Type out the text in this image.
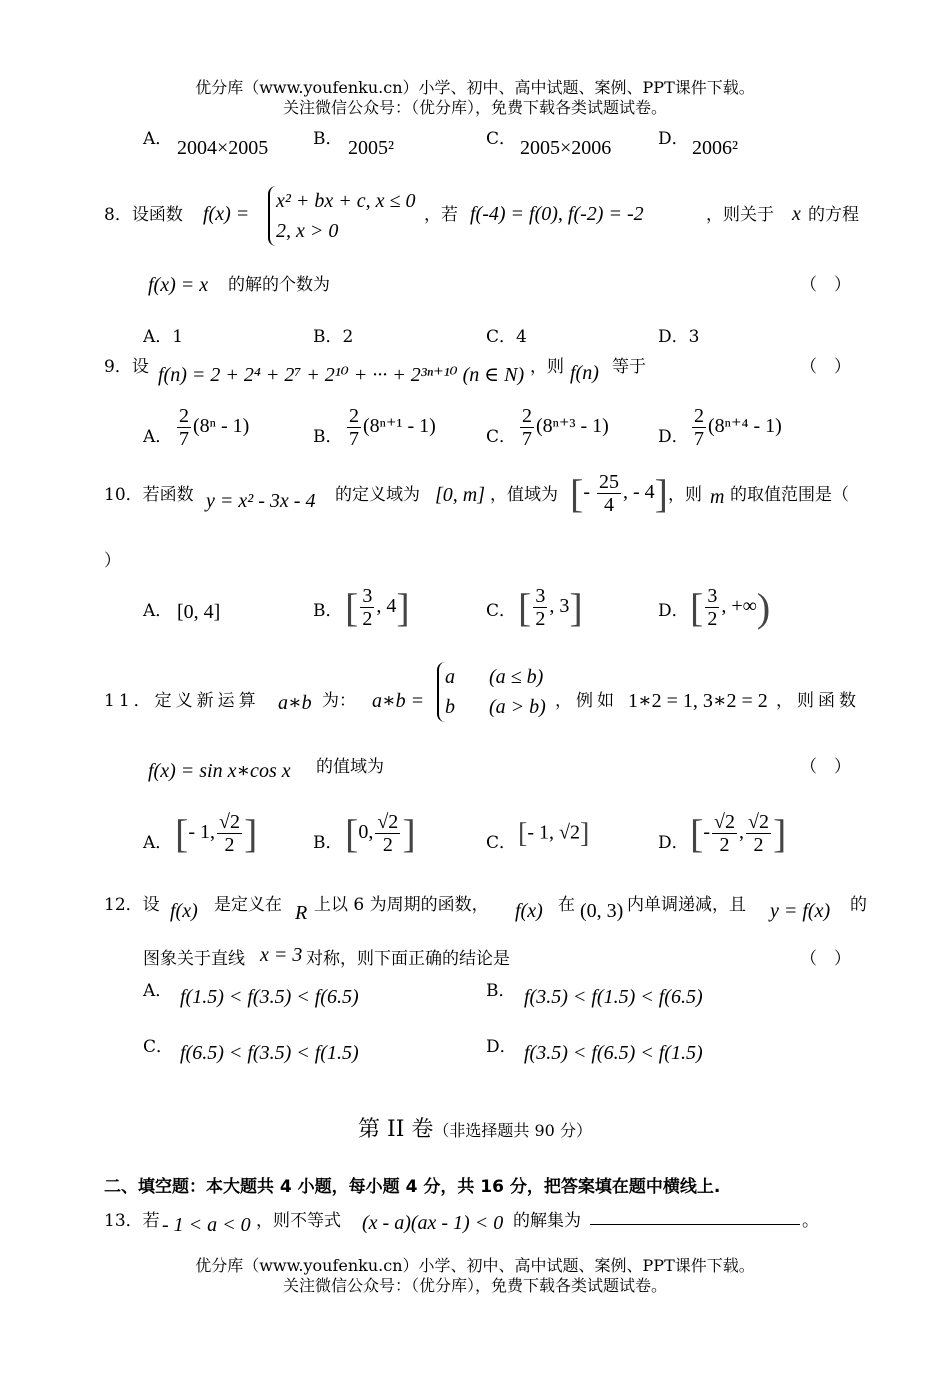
优分库（www.youfenku.cn）小学、初中、高中试题、案例、PPT课件下载。
关注微信公众号：（优分库），免费下载各类试题试卷。
A． 2004×2005	B． 2005²	C． 2005×2006	D． 2006²
8．设函数 f(x) =
x² + bx + c, x ≤ 0
2, x > 0
，若 f(-4) = f(0), f(-2) = -2	，则关于 x 的方程
f(x) = x 的解的个数为	（　）
A．1	B．2	C．4	D．3
9．设 f(n) = 2 + 2⁴ + 2⁷ + 2¹⁰ + ··· + 2³ⁿ⁺¹⁰ (n ∈ N) ，则 f(n) 等于	（　）
A． $\frac{2}{7} (8^n - 1)$	B． $\frac{2}{7} (8^{n+1} - 1)$	C． $\frac{2}{7} (8^{n+3} - 1)$	D． $\frac{2}{7} (8^{n+4} - 1)$
10．若函数 y = x² - 3x - 4 的定义域为 [0, m] ，值域为 [- $\frac{25}{4}$ , - 4] ，则 m 的取值范围是（
）
A． [0, 4]	B． [ $\frac{3}{2}$ , 4]	C． [ $\frac{3}{2}$ , 3]	D． [ $\frac{3}{2}$ , +∞)
11．定义新运算 a∗b 为： a∗b =
a (a ≤ b)
b (a > b) ，例如 1∗2 = 1, 3∗2 = 2 ，则函数
f(x) = sin x∗cos x 的值域为	（　）
A． [- 1, $\frac{√2}{2}$ ]	B． [0, $\frac{√2}{2}$ ]	C． [- 1, √2]	D． [- $\frac{√2}{2}$ , $\frac{√2}{2}$ ]
12．设 f(x) 是定义在 R 上以 6 为周期的函数， f(x) 在 (0, 3) 内单调递减，且 y = f(x) 的
图象关于直线 x = 3 对称，则下面正确的结论是	（　）
A． f(1.5) < f(3.5) < f(6.5)	B． f(3.5) < f(1.5) < f(6.5)
C． f(6.5) < f(3.5) < f(1.5)	D． f(3.5) < f(6.5) < f(1.5)
第 II 卷（非选择题共 90 分）
二、填空题：本大题共 4 小题，每小题 4 分，共 16 分，把答案填在题中横线上.
13．若 - 1 < a < 0 ，则不等式 (x - a)(ax - 1) < 0 的解集为	。
优分库（www.youfenku.cn）小学、初中、高中试题、案例、PPT课件下载。
关注微信公众号：（优分库），免费下载各类试题试卷。
